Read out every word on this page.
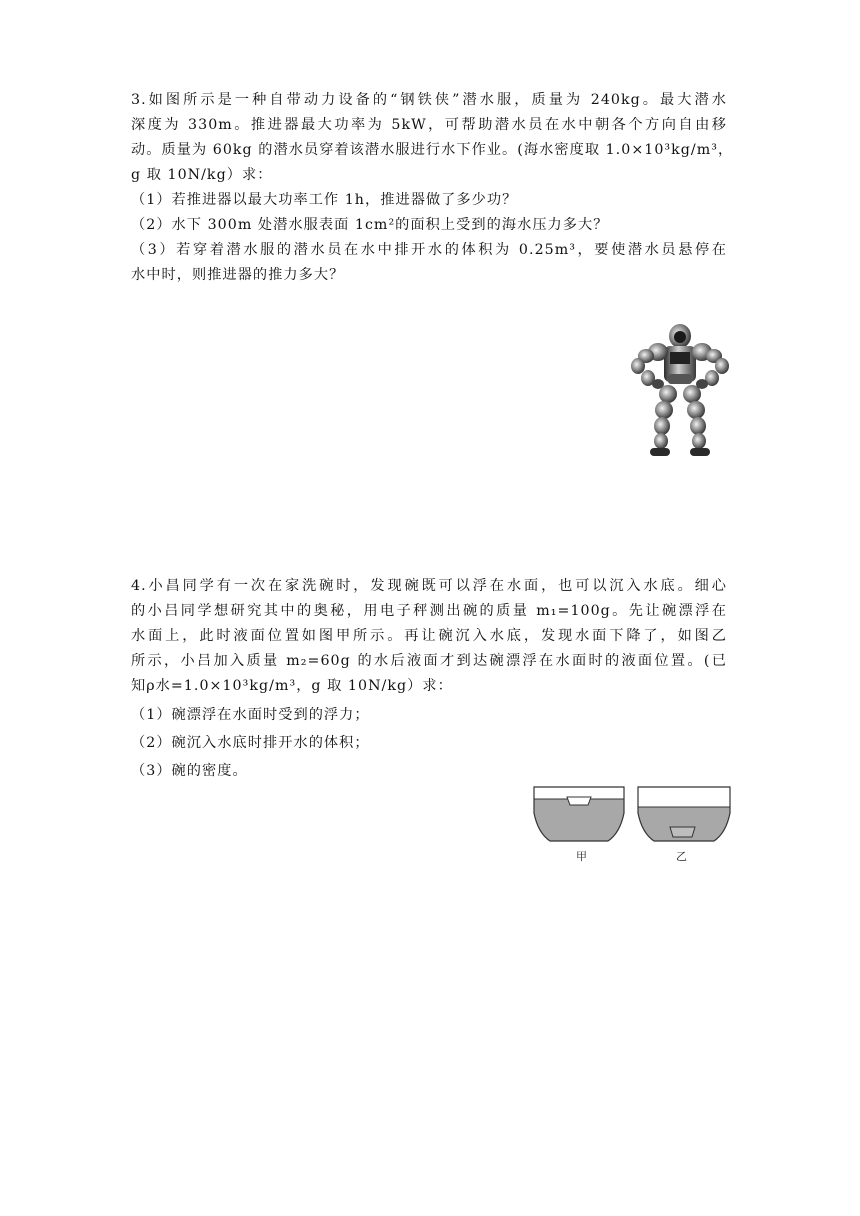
3.如图所示是一种自带动力设备的“钢铁侠”潜水服，质量为 240kg。最大潜水
深度为 330m。推进器最大功率为 5kW，可帮助潜水员在水中朝各个方向自由移
动。质量为 60kg 的潜水员穿着该潜水服进行水下作业。(海水密度取 1.0×10³kg/m³，
g 取 10N/kg）求：
（1）若推进器以最大功率工作 1h，推进器做了多少功？
（2）水下 300m 处潜水服表面 1cm²的面积上受到的海水压力多大？
（3）若穿着潜水服的潜水员在水中排开水的体积为 0.25m³，要使潜水员悬停在
水中时，则推进器的推力多大？
4.小昌同学有一次在家洗碗时，发现碗既可以浮在水面，也可以沉入水底。细心
的小吕同学想研究其中的奥秘，用电子秤测出碗的质量 m₁=100g。先让碗漂浮在
水面上，此时液面位置如图甲所示。再让碗沉入水底，发现水面下降了，如图乙
所示，小吕加入质量 m₂=60g 的水后液面才到达碗漂浮在水面时的液面位置。(已
知ρ水=1.0×10³kg/m³，g 取 10N/kg）求：
（1）碗漂浮在水面时受到的浮力；
（2）碗沉入水底时排开水的体积；
（3）碗的密度。
甲	乙
